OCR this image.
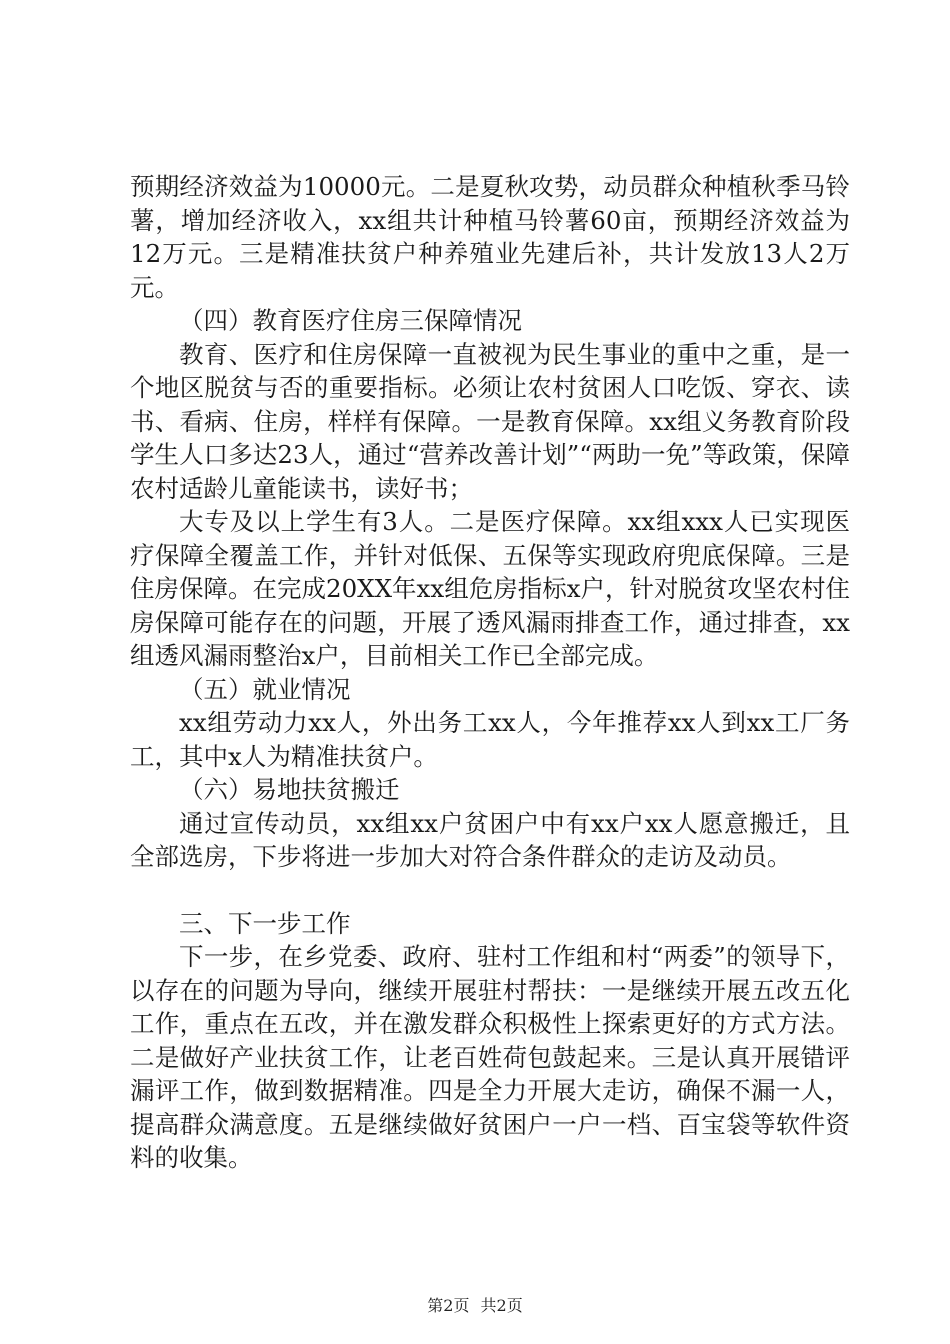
预期经济效益为10000元。二是夏秋攻势，动员群众种植秋季马铃薯，增加经济收入，xx组共计种植马铃薯60亩，预期经济效益为12万元。三是精准扶贫户种养殖业先建后补，共计发放13人2万元。

（四）教育医疗住房三保障情况

教育、医疗和住房保障一直被视为民生事业的重中之重，是一个地区脱贫与否的重要指标。必须让农村贫困人口吃饭、穿衣、读书、看病、住房，样样有保障。一是教育保障。xx组义务教育阶段学生人口多达23人，通过“营养改善计划”“两助一免”等政策，保障农村适龄儿童能读书，读好书；

大专及以上学生有3人。二是医疗保障。xx组xxx人已实现医疗保障全覆盖工作，并针对低保、五保等实现政府兜底保障。三是住房保障。在完成20XX年xx组危房指标x户，针对脱贫攻坚农村住房保障可能存在的问题，开展了透风漏雨排查工作，通过排查，xx组透风漏雨整治x户，目前相关工作已全部完成。

（五）就业情况

xx组劳动力xx人，外出务工xx人，今年推荐xx人到xx工厂务工，其中x人为精准扶贫户。

（六）易地扶贫搬迁

通过宣传动员，xx组xx户贫困户中有xx户xx人愿意搬迁，且全部选房，下步将进一步加大对符合条件群众的走访及动员。

三、下一步工作

下一步，在乡党委、政府、驻村工作组和村“两委”的领导下，以存在的问题为导向，继续开展驻村帮扶：一是继续开展五改五化工作，重点在五改，并在激发群众积极性上探索更好的方式方法。二是做好产业扶贫工作，让老百姓荷包鼓起来。三是认真开展错评漏评工作，做到数据精准。四是全力开展大走访，确保不漏一人，提高群众满意度。五是继续做好贫困户一户一档、百宝袋等软件资料的收集。

第2页 共2页
